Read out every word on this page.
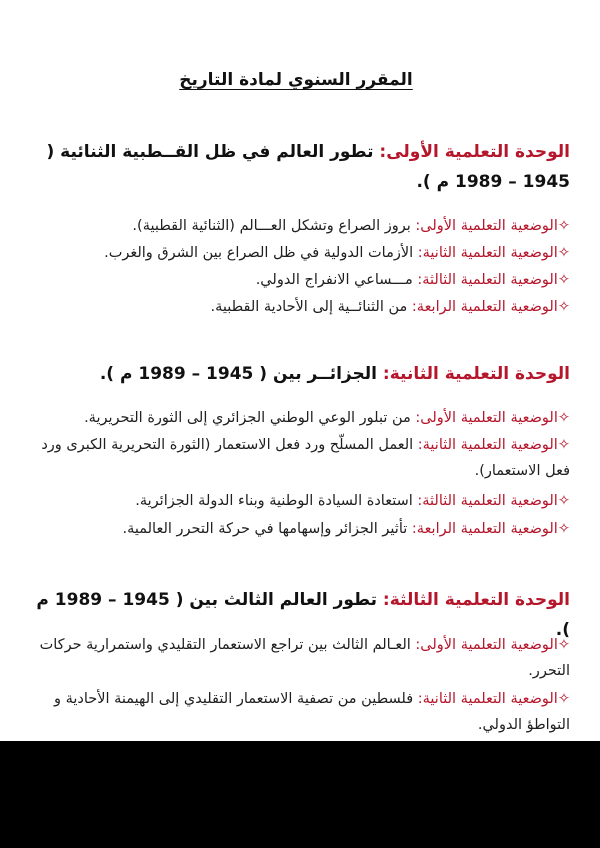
المقرر السنوي لمادة التاريخ
الوحدة التعلمية الأولى: تطور العالم في ظل القــطبية الثنائية ( 1945 – 1989 م ).
✧الوضعية التعلمية الأولى: بروز الصراع وتشكل العـــالم (الثنائية القطبية).
✧الوضعية التعلمية الثانية: الأزمات الدولية في ظل الصراع بين الشرق والغرب.
✧الوضعية التعلمية الثالثة: مـــساعي الانفراج الدولي.
✧الوضعية التعلمية الرابعة: من الثنائــية إلى الأحادية القطبية.
الوحدة التعلمية الثانية: الجزائــر بين ( 1945 – 1989 م ).
✧الوضعية التعلمية الأولى: من تبلور الوعي الوطني الجزائري إلى الثورة التحريرية.
✧الوضعية التعلمية الثانية: العمل المسلّح ورد فعل الاستعمار (الثورة التحريرية الكبرى ورد فعل الاستعمار).
✧الوضعية التعلمية الثالثة: استعادة السيادة الوطنية وبناء الدولة الجزائرية.
✧الوضعية التعلمية الرابعة: تأثير الجزائر وإسهامها في حركة التحرر العالمية.
الوحدة التعلمية الثالثة: تطور العالم الثالث بين ( 1945 – 1989 م ).
✧الوضعية التعلمية الأولى: العـالم الثالث بين تراجع الاستعمار التقليدي واستمرارية حركات التحرر.
✧الوضعية التعلمية الثانية: فلسطين من تصفية الاستعمار التقليدي إلى الهيمنة الأحادية و التواطؤ الدولي.
